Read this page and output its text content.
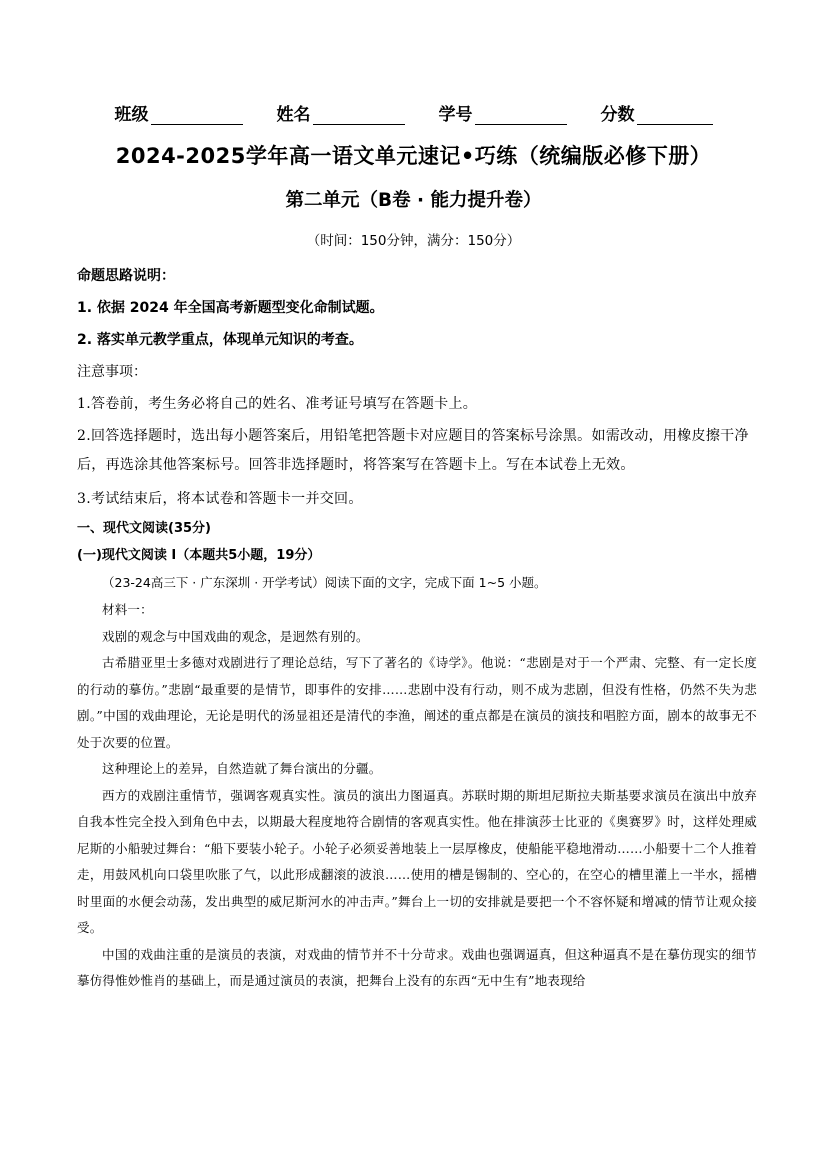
班级	姓名	学号	分数
2024-2025学年高一语文单元速记•巧练（统编版必修下册）
第二单元（B卷 · 能力提升卷）
（时间：150分钟，满分：150分）
命题思路说明：
1. 依据 2024 年全国高考新题型变化命制试题。
2. 落实单元教学重点，体现单元知识的考查。
注意事项：
1.答卷前，考生务必将自己的姓名、准考证号填写在答题卡上。
2.回答选择题时，选出每小题答案后，用铅笔把答题卡对应题目的答案标号涂黑。如需改动，用橡皮擦干净后，再选涂其他答案标号。回答非选择题时，将答案写在答题卡上。写在本试卷上无效。
3.考试结束后，将本试卷和答题卡一并交回。
一、现代文阅读(35分)
(一)现代文阅读 I（本题共5小题，19分）
（23-24高三下 · 广东深圳 · 开学考试）阅读下面的文字，完成下面 1~5 小题。
材料一：
戏剧的观念与中国戏曲的观念，是迥然有别的。
古希腊亚里士多德对戏剧进行了理论总结，写下了著名的《诗学》。他说：“悲剧是对于一个严肃、完整、有一定长度的行动的摹仿。”悲剧“最重要的是情节，即事件的安排……悲剧中没有行动，则不成为悲剧，但没有性格，仍然不失为悲剧。”中国的戏曲理论，无论是明代的汤显祖还是清代的李渔，阐述的重点都是在演员的演技和唱腔方面，剧本的故事无不处于次要的位置。
这种理论上的差异，自然造就了舞台演出的分疆。
西方的戏剧注重情节，强调客观真实性。演员的演出力图逼真。苏联时期的斯坦尼斯拉夫斯基要求演员在演出中放弃自我本性完全投入到角色中去，以期最大程度地符合剧情的客观真实性。他在排演莎士比亚的《奥赛罗》时，这样处理威尼斯的小船驶过舞台：“船下要装小轮子。小轮子必须妥善地装上一层厚橡皮，使船能平稳地滑动……小船要十二个人推着走，用鼓风机向口袋里吹胀了气，以此形成翻滚的波浪……使用的槽是锡制的、空心的，在空心的槽里灌上一半水，摇槽时里面的水便会动荡，发出典型的威尼斯河水的冲击声。”舞台上一切的安排就是要把一个不容怀疑和增减的情节让观众接受。
中国的戏曲注重的是演员的表演，对戏曲的情节并不十分苛求。戏曲也强调逼真，但这种逼真不是在摹仿现实的细节摹仿得惟妙惟肖的基础上，而是通过演员的表演，把舞台上没有的东西“无中生有”地表现给
